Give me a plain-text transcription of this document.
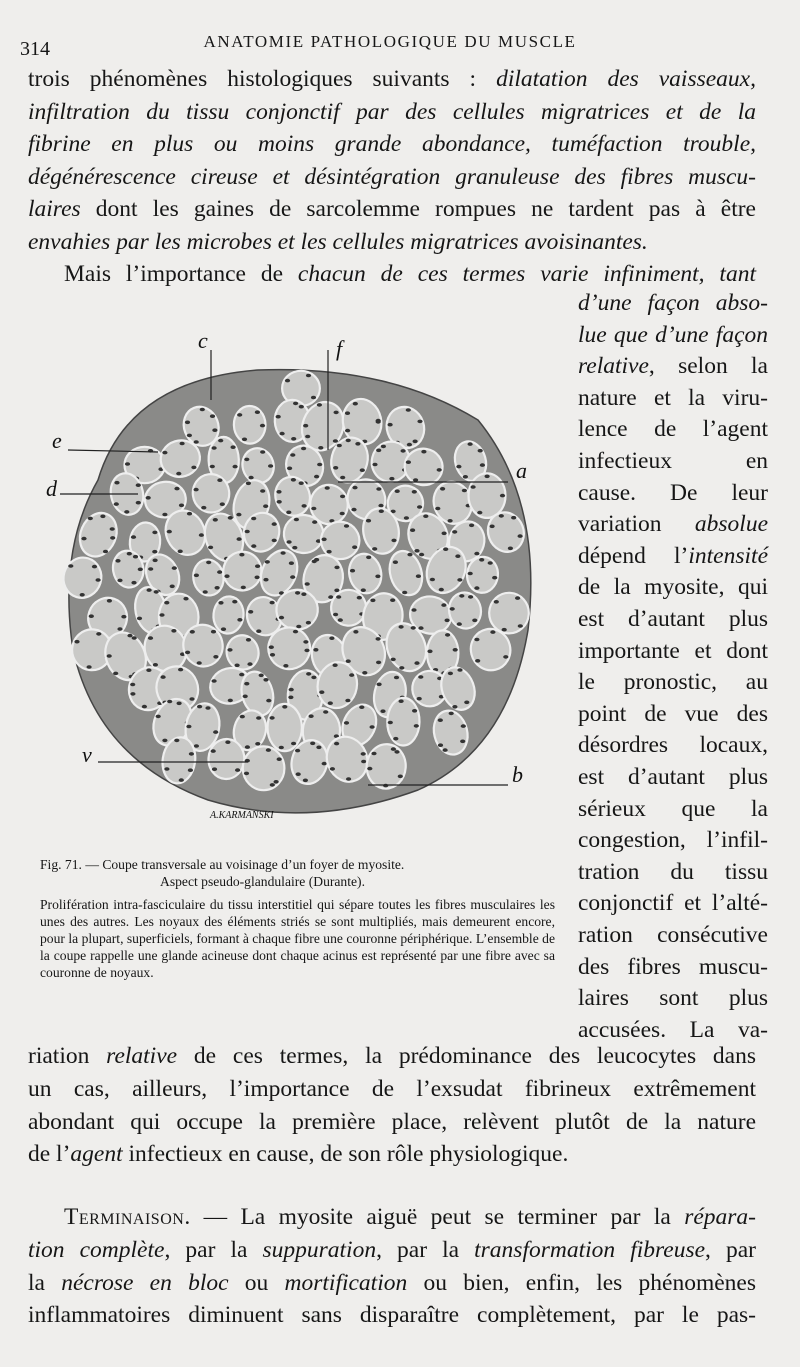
314	ANATOMIE PATHOLOGIQUE DU MUSCLE
trois phénomènes histologiques suivants : dilatation des vaisseaux,
infiltration du tissu conjonctif par des cellules migratrices et de la
fibrine en plus ou moins grande abondance, tuméfaction trouble,
dégénérescence cireuse et désintégration granuleuse des fibres muscu-
laires dont les gaines de sarcolemme rompues ne tardent pas à être
envahies par les microbes et les cellules migratrices avoisinantes.
Mais l’importance de chacun de ces termes varie infiniment, tant
d’une façon abso-
lue que d’une façon
relative, selon la
nature et la viru-
lence de l’agent
infectieux en
cause. De leur
variation absolue
dépend l’intensité
de la myosite, qui
est d’autant plus
importante et dont
le pronostic, au
point de vue des
désordres locaux,
est d’autant plus
sérieux que la
congestion, l’infil-
tration du tissu
conjonctif et l’alté-
ration consécutive
des fibres muscu-
laires sont plus
accusées. La va-
c	f
e
d
a
v
b
A.KARMANSKI
Fig. 71. — Coupe transversale au voisinage d’un foyer de myosite.
Aspect pseudo-glandulaire (Durante).
Prolifération intra-fasciculaire du tissu interstitiel qui sépare toutes les fibres musculaires les unes des autres. Les noyaux des éléments striés se sont multipliés, mais demeurent encore, pour la plupart, superficiels, formant à chaque fibre une couronne périphérique. L’ensemble de la coupe rappelle une glande acineuse dont chaque acinus est représenté par une fibre avec sa couronne de noyaux.
riation relative de ces termes, la prédominance des leucocytes dans
un cas, ailleurs, l’importance de l’exsudat fibrineux extrêmement
abondant qui occupe la première place, relèvent plutôt de la nature
de l’agent infectieux en cause, de son rôle physiologique.
Terminaison. — La myosite aiguë peut se terminer par la répara-
tion complète, par la suppuration, par la transformation fibreuse, par
la nécrose en bloc ou mortification ou bien, enfin, les phénomènes
inflammatoires diminuent sans disparaître complètement, par le pas-
